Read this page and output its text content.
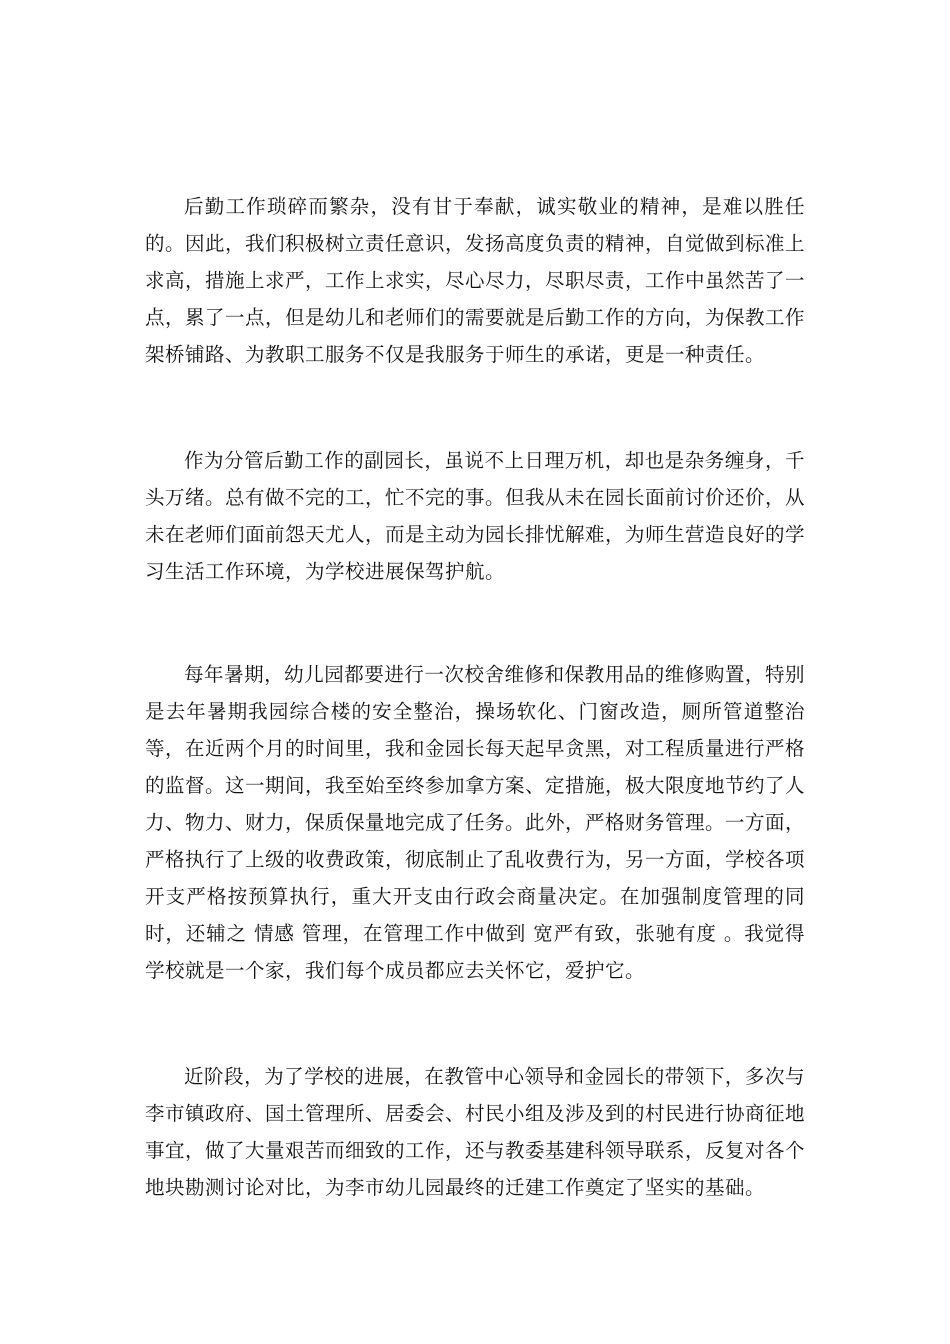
后勤工作琐碎而繁杂，没有甘于奉献，诚实敬业的精神，是难以胜任的。因此，我们积极树立责任意识，发扬高度负责的精神，自觉做到标准上求高，措施上求严，工作上求实，尽心尽力，尽职尽责，工作中虽然苦了一点，累了一点，但是幼儿和老师们的需要就是后勤工作的方向，为保教工作架桥铺路、为教职工服务不仅是我服务于师生的承诺，更是一种责任。

作为分管后勤工作的副园长，虽说不上日理万机，却也是杂务缠身，千头万绪。总有做不完的工，忙不完的事。但我从未在园长面前讨价还价，从未在老师们面前怨天尤人，而是主动为园长排忧解难，为师生营造良好的学习生活工作环境，为学校进展保驾护航。

每年暑期，幼儿园都要进行一次校舍维修和保教用品的维修购置，特别是去年暑期我园综合楼的安全整治，操场软化、门窗改造，厕所管道整治等，在近两个月的时间里，我和金园长每天起早贪黑，对工程质量进行严格的监督。这一期间，我至始至终参加拿方案、定措施，极大限度地节约了人力、物力、财力，保质保量地完成了任务。此外，严格财务管理。一方面，严格执行了上级的收费政策，彻底制止了乱收费行为，另一方面，学校各项开支严格按预算执行，重大开支由行政会商量决定。在加强制度管理的同时，还辅之 情感 管理，在管理工作中做到 宽严有致，张驰有度 。我觉得学校就是一个家，我们每个成员都应去关怀它，爱护它。

近阶段，为了学校的进展，在教管中心领导和金园长的带领下，多次与李市镇政府、国土管理所、居委会、村民小组及涉及到的村民进行协商征地事宜，做了大量艰苦而细致的工作，还与教委基建科领导联系，反复对各个地块勘测讨论对比，为李市幼儿园最终的迁建工作奠定了坚实的基础。
